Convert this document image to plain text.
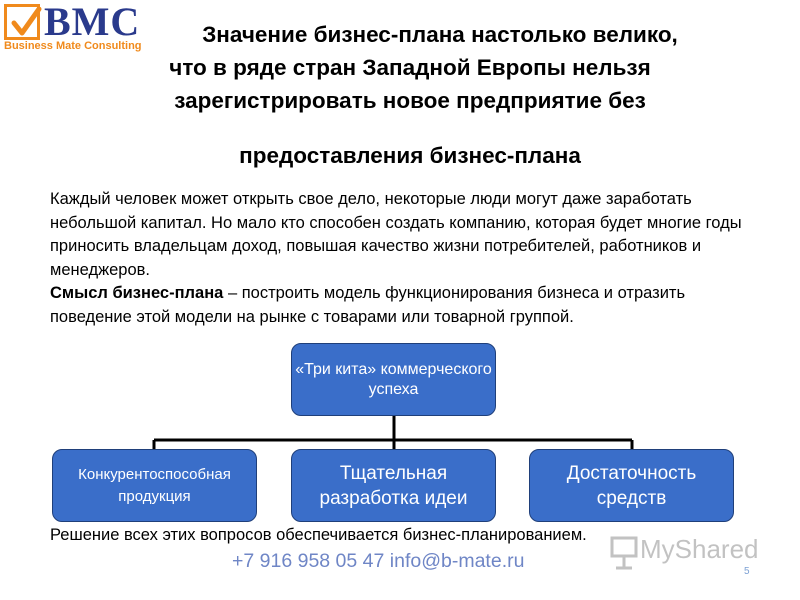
BMC
Business Mate Consulting	Значение бизнес-плана настолько велико,
что в ряде стран Западной Европы нельзя
зарегистрировать новое предприятие без
предоставления бизнес-плана

Каждый человек может открыть свое дело, некоторые люди могут даже заработать небольшой капитал. Но мало кто способен создать компанию, которая будет многие годы приносить владельцам доход, повышая качество жизни потребителей, работников и менеджеров.

Смысл бизнес-плана – построить модель функционирования бизнеса и отразить поведение этой модели на рынке с товарами или товарной группой.

«Три кита» коммерческого успеха
Конкурентоспособная продукция
Тщательная разработка идеи
Достаточность средств
MyShared
Решение всех этих вопросов обеспечивается бизнес-планированием.
+7 916 958 05 47 info@b-mate.ru	5
